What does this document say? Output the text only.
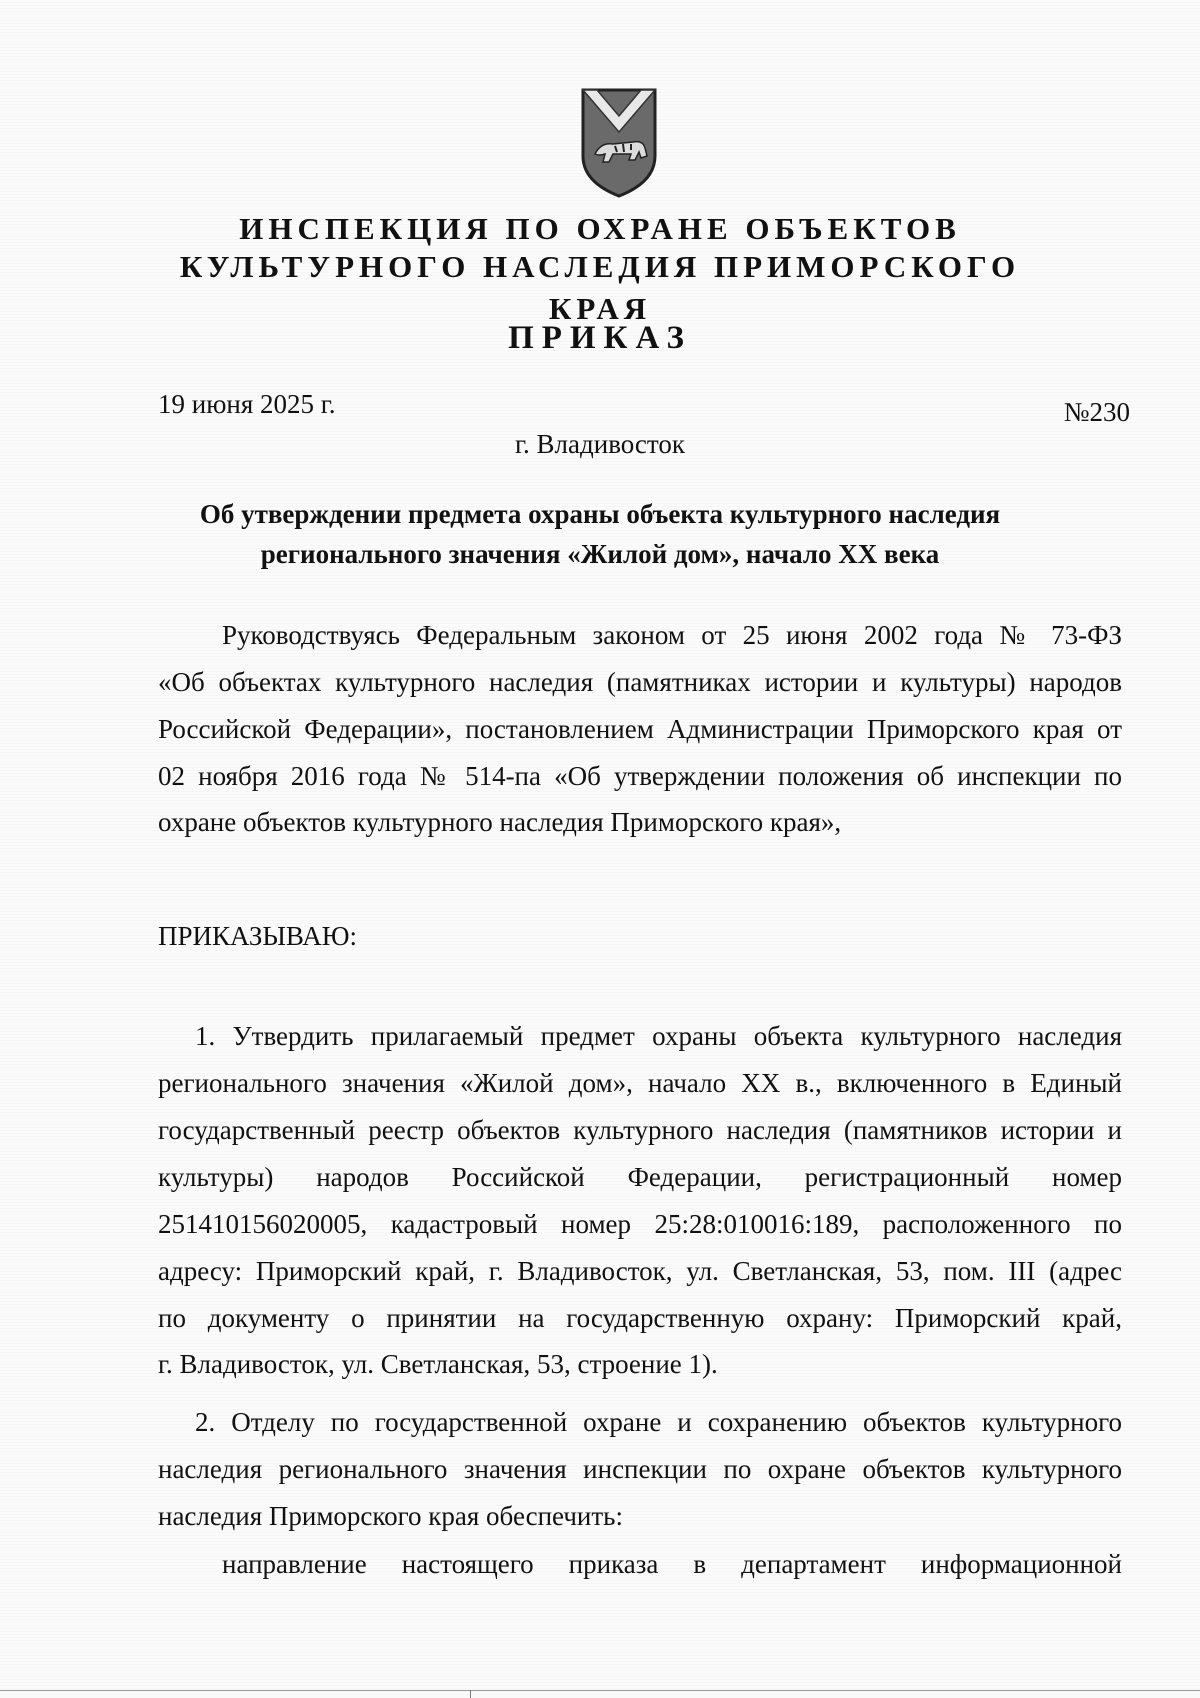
ИНСПЕКЦИЯ ПО ОХРАНЕ ОБЪЕКТОВ
КУЛЬТУРНОГО НАСЛЕДИЯ ПРИМОРСКОГО КРАЯ
ПРИКАЗ
19 июня 2025 г.	№230
г. Владивосток
Об утверждении предмета охраны объекта культурного наследия
регионального значения «Жилой дом», начало XX века
Руководствуясь Федеральным законом от 25 июня 2002 года № 73-ФЗ
«Об объектах культурного наследия (памятниках истории и культуры) народов
Российской Федерации», постановлением Администрации Приморского края от
02 ноября 2016 года № 514-па «Об утверждении положения об инспекции по
охране объектов культурного наследия Приморского края»,
ПРИКАЗЫВАЮ:
1. Утвердить прилагаемый предмет охраны объекта культурного наследия
регионального значения «Жилой дом», начало XX в., включенного в Единый
государственный реестр объектов культурного наследия (памятников истории и
культуры) народов Российской Федерации, регистрационный номер
251410156020005, кадастровый номер 25:28:010016:189, расположенного по
адресу: Приморский край, г. Владивосток, ул. Светланская, 53, пом. III (адрес
по документу о принятии на государственную охрану: Приморский край,
г. Владивосток, ул. Светланская, 53, строение 1).
2. Отделу по государственной охране и сохранению объектов культурного
наследия регионального значения инспекции по охране объектов культурного
наследия Приморского края обеспечить:
направление настоящего приказа в департамент информационной
